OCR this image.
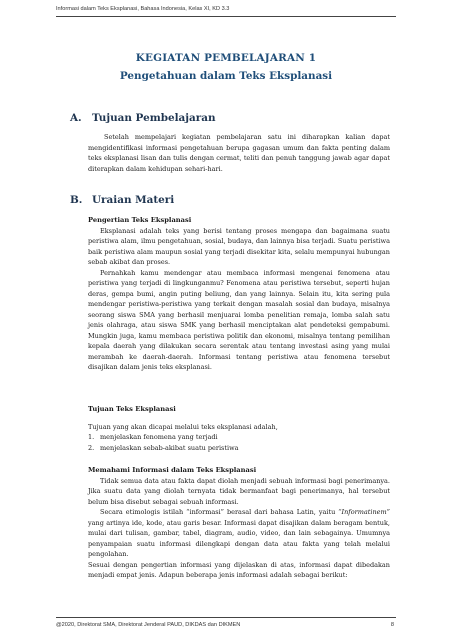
Informasi dalam Teks Eksplanasi, Bahasa Indonesia, Kelas XI, KD 3.3
KEGIATAN PEMBELAJARAN 1
Pengetahuan dalam Teks Eksplanasi
A. Tujuan Pembelajaran

Setelah mempelajari kegiatan pembelajaran satu ini diharapkan kalian dapat mengidentifikasi informasi pengetahuan berupa gagasan umum dan fakta penting dalam teks eksplanasi lisan dan tulis dengan cermat, teliti dan penuh tanggung jawab agar dapat diterapkan dalam kehidupan sehari-hari.

B. Uraian Materi

Pengertian Teks Eksplanasi

Eksplanasi adalah teks yang berisi tentang proses mengapa dan bagaimana suatu peristiwa alam, ilmu pengetahuan, sosial, budaya, dan lainnya bisa terjadi. Suatu peristiwa baik peristiwa alam maupun sosial yang terjadi disekitar kita, selalu mempunyai hubungan sebab akibat dan proses.

Pernahkah kamu mendengar atau membaca informasi mengenai fenomena atau peristiwa yang terjadi di lingkunganmu? Fenomena atau peristiwa tersebut, seperti hujan deras, gempa bumi, angin puting beliung, dan yang lainnya. Selain itu, kita sering pula mendengar peristiwa-peristiwa yang terkait dengan masalah sosial dan budaya, misalnya seorang siswa SMA yang berhasil menjuarai lomba penelitian remaja, lomba salah satu jenis olahraga, atau siswa SMK yang berhasil menciptakan alat pendeteksi gempabumi. Mungkin juga, kamu membaca peristiwa politik dan ekonomi, misalnya tentang pemilihan kepala daerah yang dilakukan secara serentak atau tentang investasi asing yang mulai merambah ke daerah-daerah. Informasi tentang peristiwa atau fenomena tersebut disajikan dalam jenis teks eksplanasi.

Tujuan Teks Eksplanasi

Tujuan yang akan dicapai melalui teks eksplanasi adalah,

1. menjelaskan fenomena yang terjadi
2. menjelaskan sebab-akibat suatu peristiwa

Memahami Informasi dalam Teks Eksplanasi

Tidak semua data atau fakta dapat diolah menjadi sebuah informasi bagi penerimanya. Jika suatu data yang diolah ternyata tidak bermanfaat bagi penerimanya, hal tersebut belum bisa disebut sebagai sebuah informasi.

Secara etimologis istilah “informasi” berasal dari bahasa Latin, yaitu “Informatinem” yang artinya ide, kode, atau garis besar. Informasi dapat disajikan dalam beragam bentuk, mulai dari tulisan, gambar, tabel, diagram, audio, video, dan lain sebagainya. Umumnya penyampaian suatu informasi dilengkapi dengan data atau fakta yang telah melalui pengolahan.

Sesuai dengan pengertian informasi yang dijelaskan di atas, informasi dapat dibedakan menjadi empat jenis. Adapun beberapa jenis informasi adalah sebagai berikut:

@2020, Direktorat SMA, Direktorat Jenderal PAUD, DIKDAS dan DIKMEN	8
